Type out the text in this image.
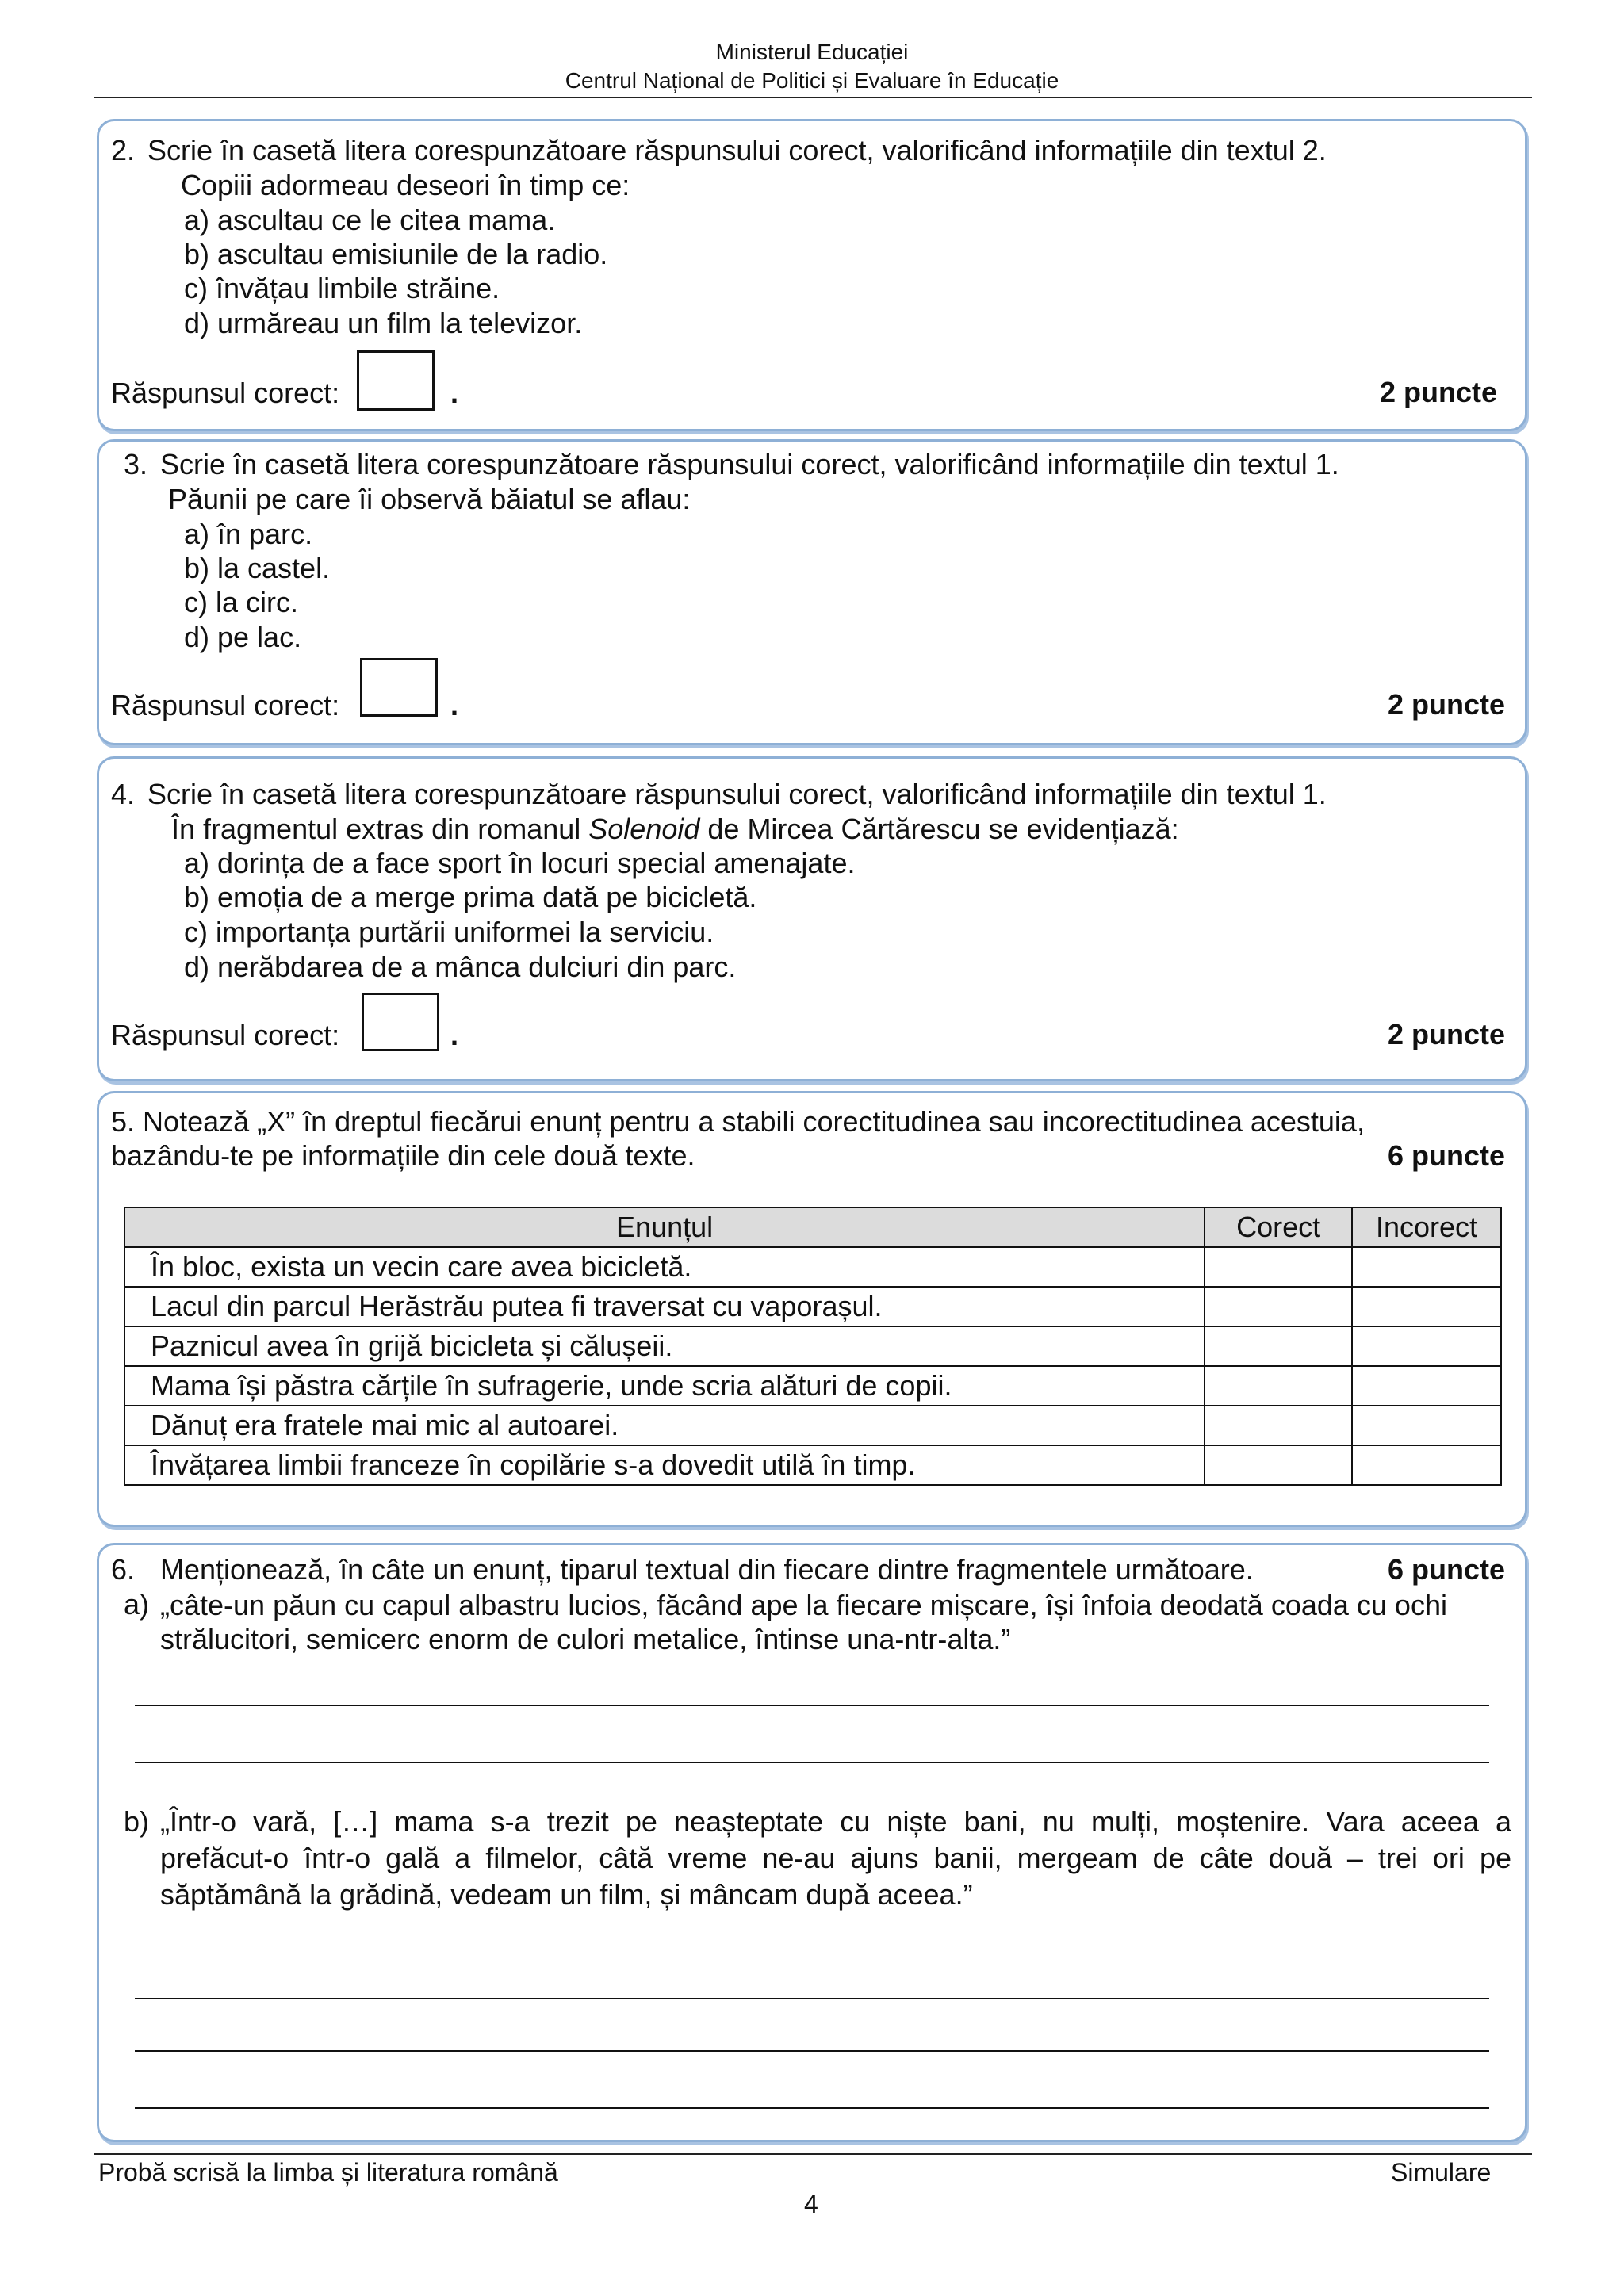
Ministerul Educației
Centrul Național de Politici și Evaluare în Educație
2. Scrie în casetă litera corespunzătoare răspunsului corect, valorificând informațiile din textul 2.
Copiii adormeau deseori în timp ce:
a) ascultau ce le citea mama.
b) ascultau emisiunile de la radio.
c) învățau limbile străine.
d) urmăreau un film la televizor.
Răspunsul corect:	.	2 puncte
3. Scrie în casetă litera corespunzătoare răspunsului corect, valorificând informațiile din textul 1.
Păunii pe care îi observă băiatul se aflau:
a) în parc.
b) la castel.
c) la circ.
d) pe lac.
Răspunsul corect:	.	2 puncte
4. Scrie în casetă litera corespunzătoare răspunsului corect, valorificând informațiile din textul 1.
În fragmentul extras din romanul Solenoid de Mircea Cărtărescu se evidențiază:
a) dorința de a face sport în locuri special amenajate.
b) emoția de a merge prima dată pe bicicletă.
c) importanța purtării uniformei la serviciu.
d) nerăbdarea de a mânca dulciuri din parc.
Răspunsul corect:	.	2 puncte
5. Notează „X” în dreptul fiecărui enunț pentru a stabili corectitudinea sau incorectitudinea acestuia,
bazându-te pe informațiile din cele două texte.	6 puncte
Enunțul	Corect	Incorect
În bloc, exista un vecin care avea bicicletă.		
Lacul din parcul Herăstrău putea fi traversat cu vaporașul.		
Paznicul avea în grijă bicicleta și călușeii.		
Mama își păstra cărțile în sufragerie, unde scria alături de copii.		
Dănuț era fratele mai mic al autoarei.		
Învățarea limbii franceze în copilărie s-a dovedit utilă în timp.		
6. Menționează, în câte un enunț, tiparul textual din fiecare dintre fragmentele următoare.	6 puncte
a) „câte-un păun cu capul albastru lucios, făcând ape la fiecare mișcare, își înfoia deodată coada cu ochi
strălucitori, semicerc enorm de culori metalice, întinse una-ntr-alta.”
b) „Într-o vară, […] mama s-a trezit pe neașteptate cu niște bani, nu mulți, moștenire. Vara aceea a
prefăcut-o într-o gală a filmelor, câtă vreme ne-au ajuns banii, mergeam de câte două – trei ori pe
săptămână la grădină, vedeam un film, și mâncam după aceea.”
Probă scrisă la limba și literatura română	Simulare
4
